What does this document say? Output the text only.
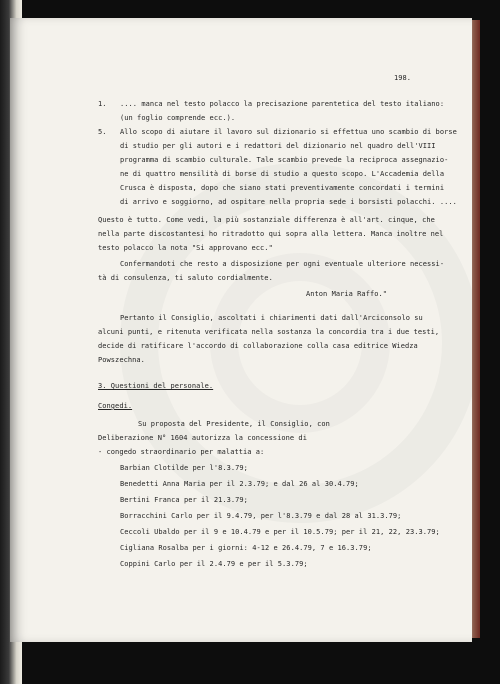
198.
1. .... manca nel testo polacco la precisazione parentetica del testo italiano:
(un foglio comprende ecc.).
5. Allo scopo di aiutare il lavoro sul dizionario si effettua uno scambio di borse
di studio per gli autori e i redattori del dizionario nel quadro dell'VIII
programma di scambio culturale. Tale scambio prevede la reciproca assegnazio-
ne di quattro mensilità di borse di studio a questo scopo. L'Accademia della
Crusca è disposta, dopo che siano stati preventivamente concordati i termini
di arrivo e soggiorno, ad ospitare nella propria sede i borsisti polacchi. ....
Questo è tutto. Come vedi, la più sostanziale differenza è all'art. cinque, che
nella parte discostantesi ho ritradotto qui sopra alla lettera. Manca inoltre nel
testo polacco la nota "Si approvano ecc."
Confermandoti che resto a disposizione per ogni eventuale ulteriore necessi-
tà di consulenza, ti saluto cordialmente.
Anton Maria Raffo."
Pertanto il Consiglio, ascoltati i chiarimenti dati dall'Arciconsolo su
alcuni punti, e ritenuta verificata nella sostanza la concordia tra i due testi,
decide di ratificare l'accordo di collaborazione colla casa editrice Wiedza
Powszechna.
3. Questioni del personale.
Congedi.
Su proposta del Presidente, il Consiglio, con
Deliberazione N° 1604 autorizza la concessione di
- congedo straordinario per malattia a:
Barbian Clotilde per l'8.3.79;
Benedetti Anna Maria per il 2.3.79; e dal 26 al 30.4.79;
Bertini Franca per il 21.3.79;
Borracchini Carlo per il 9.4.79, per l'8.3.79 e dal 28 al 31.3.79;
Ceccoli Ubaldo per il 9 e 10.4.79 e per il 10.5.79; per il 21, 22, 23.3.79;
Cigliana Rosalba per i giorni: 4-12 e 26.4.79, 7 e 16.3.79;
Coppini Carlo per il 2.4.79 e per il 5.3.79;
